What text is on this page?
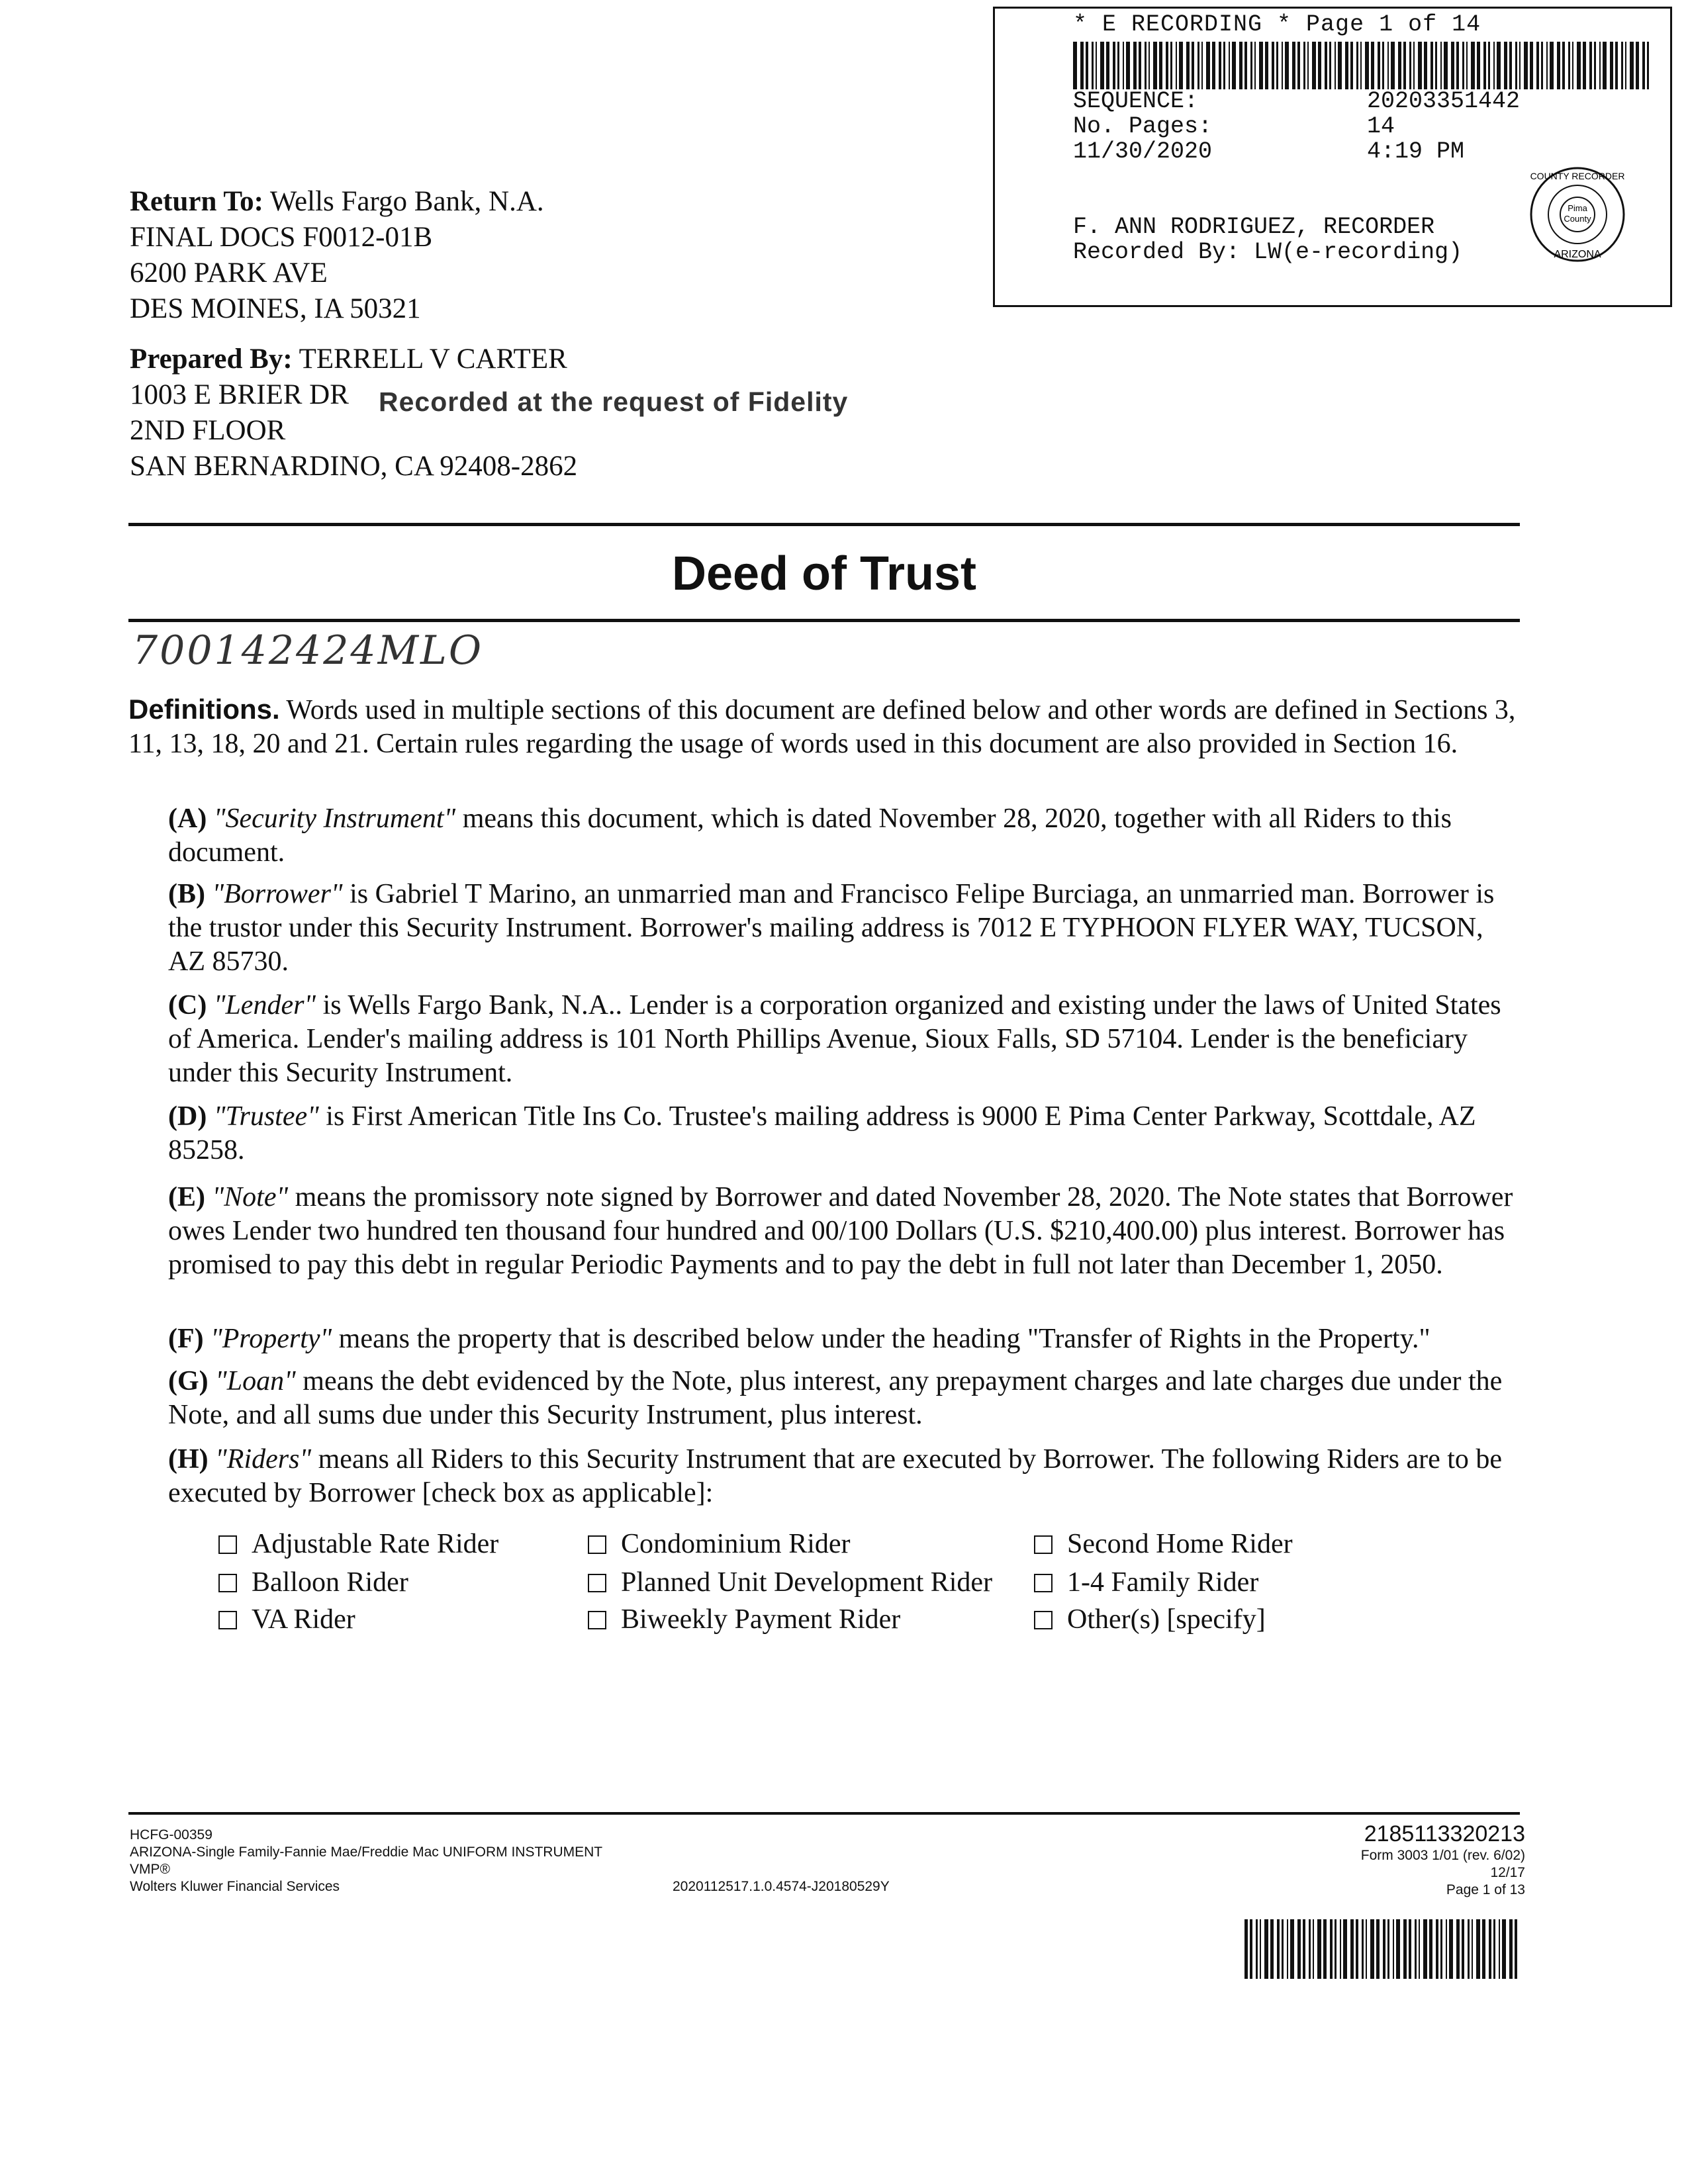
* E RECORDING * Page 1 of 14
SEQUENCE:	20203351442
No. Pages:	14
11/30/2020	4:19 PM
F. ANN RODRIGUEZ, RECORDER
Recorded By: LW(e-recording)
Pima
County
COUNTY RECORDER
ARIZONA
Return To: Wells Fargo Bank, N.A.
FINAL DOCS F0012-01B
6200 PARK AVE
DES MOINES, IA 50321
Prepared By: TERRELL V CARTER
1003 E BRIER DR
2ND FLOOR
SAN BERNARDINO, CA 92408-2862
Recorded at the request of Fidelity
Deed of Trust
700142424MLO
Definitions. Words used in multiple sections of this document are defined below and other words are defined in Sections 3, 11, 13, 18, 20 and 21. Certain rules regarding the usage of words used in this document are also provided in Section 16.
(A) "Security Instrument" means this document, which is dated November 28, 2020, together with all Riders to this document.
(B) "Borrower" is Gabriel T Marino, an unmarried man and Francisco Felipe Burciaga, an unmarried man. Borrower is the trustor under this Security Instrument. Borrower's mailing address is 7012 E TYPHOON FLYER WAY, TUCSON, AZ 85730.
(C) "Lender" is Wells Fargo Bank, N.A.. Lender is a corporation organized and existing under the laws of United States of America. Lender's mailing address is 101 North Phillips Avenue, Sioux Falls, SD 57104. Lender is the beneficiary under this Security Instrument.
(D) "Trustee" is First American Title Ins Co. Trustee's mailing address is 9000 E Pima Center Parkway, Scottdale, AZ 85258.
(E) "Note" means the promissory note signed by Borrower and dated November 28, 2020. The Note states that Borrower owes Lender two hundred ten thousand four hundred and 00/100 Dollars (U.S. $210,400.00) plus interest. Borrower has promised to pay this debt in regular Periodic Payments and to pay the debt in full not later than December 1, 2050.
(F) "Property" means the property that is described below under the heading "Transfer of Rights in the Property."
(G) "Loan" means the debt evidenced by the Note, plus interest, any prepayment charges and late charges due under the Note, and all sums due under this Security Instrument, plus interest.
(H) "Riders" means all Riders to this Security Instrument that are executed by Borrower. The following Riders are to be executed by Borrower [check box as applicable]:
Adjustable Rate Rider	Condominium Rider	Second Home Rider
Balloon Rider	Planned Unit Development Rider	1-4 Family Rider
VA Rider	Biweekly Payment Rider	Other(s) [specify]
HCFG-00359
ARIZONA-Single Family-Fannie Mae/Freddie Mac UNIFORM INSTRUMENT
VMP®
Wolters Kluwer Financial Services	2020112517.1.0.4574-J20180529Y
2185113320213
Form 3003 1/01 (rev. 6/02)
12/17
Page 1 of 13
